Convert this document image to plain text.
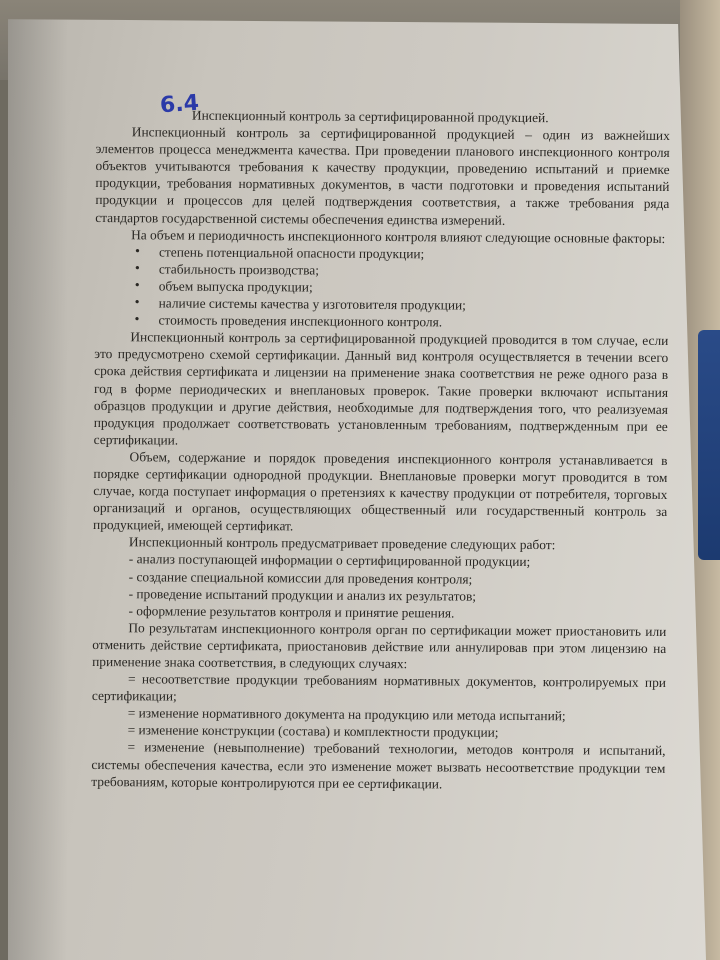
6.4

Инспекционный контроль за сертифицированной продукцией.

Инспекционный контроль за сертифицированной продукцией – один из важнейших элементов процесса менеджмента качества. При проведении планового инспекционного контроля объектов учитываются требования к качеству продукции, проведению испытаний и приемке продукции, требования нормативных документов, в части подготовки и проведения испытаний продукции и процессов для целей подтверждения соответствия, а также требования ряда стандартов государственной системы обеспечения единства измерений.

На объем и периодичность инспекционного контроля влияют следующие основные факторы:

• степень потенциальной опасности продукции;
• стабильность производства;
• объем выпуска продукции;
• наличие системы качества у изготовителя продукции;
• стоимость проведения инспекционного контроля.

Инспекционный контроль за сертифицированной продукцией проводится в том случае, если это предусмотрено схемой сертификации. Данный вид контроля осуществляется в течении всего срока действия сертификата и лицензии на применение знака соответствия не реже одного раза в год в форме периодических и внеплановых проверок. Такие проверки включают испытания образцов продукции и другие действия, необходимые для подтверждения того, что реализуемая продукция продолжает соответствовать установленным требованиям, подтвержденным при ее сертификации.

Объем, содержание и порядок проведения инспекционного контроля устанавливается в порядке сертификации однородной продукции. Внеплановые проверки могут проводится в том случае, когда поступает информация о претензиях к качеству продукции от потребителя, торговых организаций и органов, осуществляющих общественный или государственный контроль за продукцией, имеющей сертификат.

Инспекционный контроль предусматривает проведение следующих работ:

- анализ поступающей информации о сертифицированной продукции;

- создание специальной комиссии для проведения контроля;

- проведение испытаний продукции и анализ их результатов;

- оформление результатов контроля и принятие решения.

По результатам инспекционного контроля орган по сертификации может приостановить или отменить действие сертификата, приостановив действие или аннулировав при этом лицензию на применение знака соответствия, в следующих случаях:

= несоответствие продукции требованиям нормативных документов, контролируемых при сертификации;

= изменение нормативного документа на продукцию или метода испытаний;

= изменение конструкции (состава) и комплектности продукции;

= изменение (невыполнение) требований технологии, методов контроля и испытаний, системы обеспечения качества, если это изменение может вызвать несоответствие продукции тем требованиям, которые контролируются при ее сертификации.
